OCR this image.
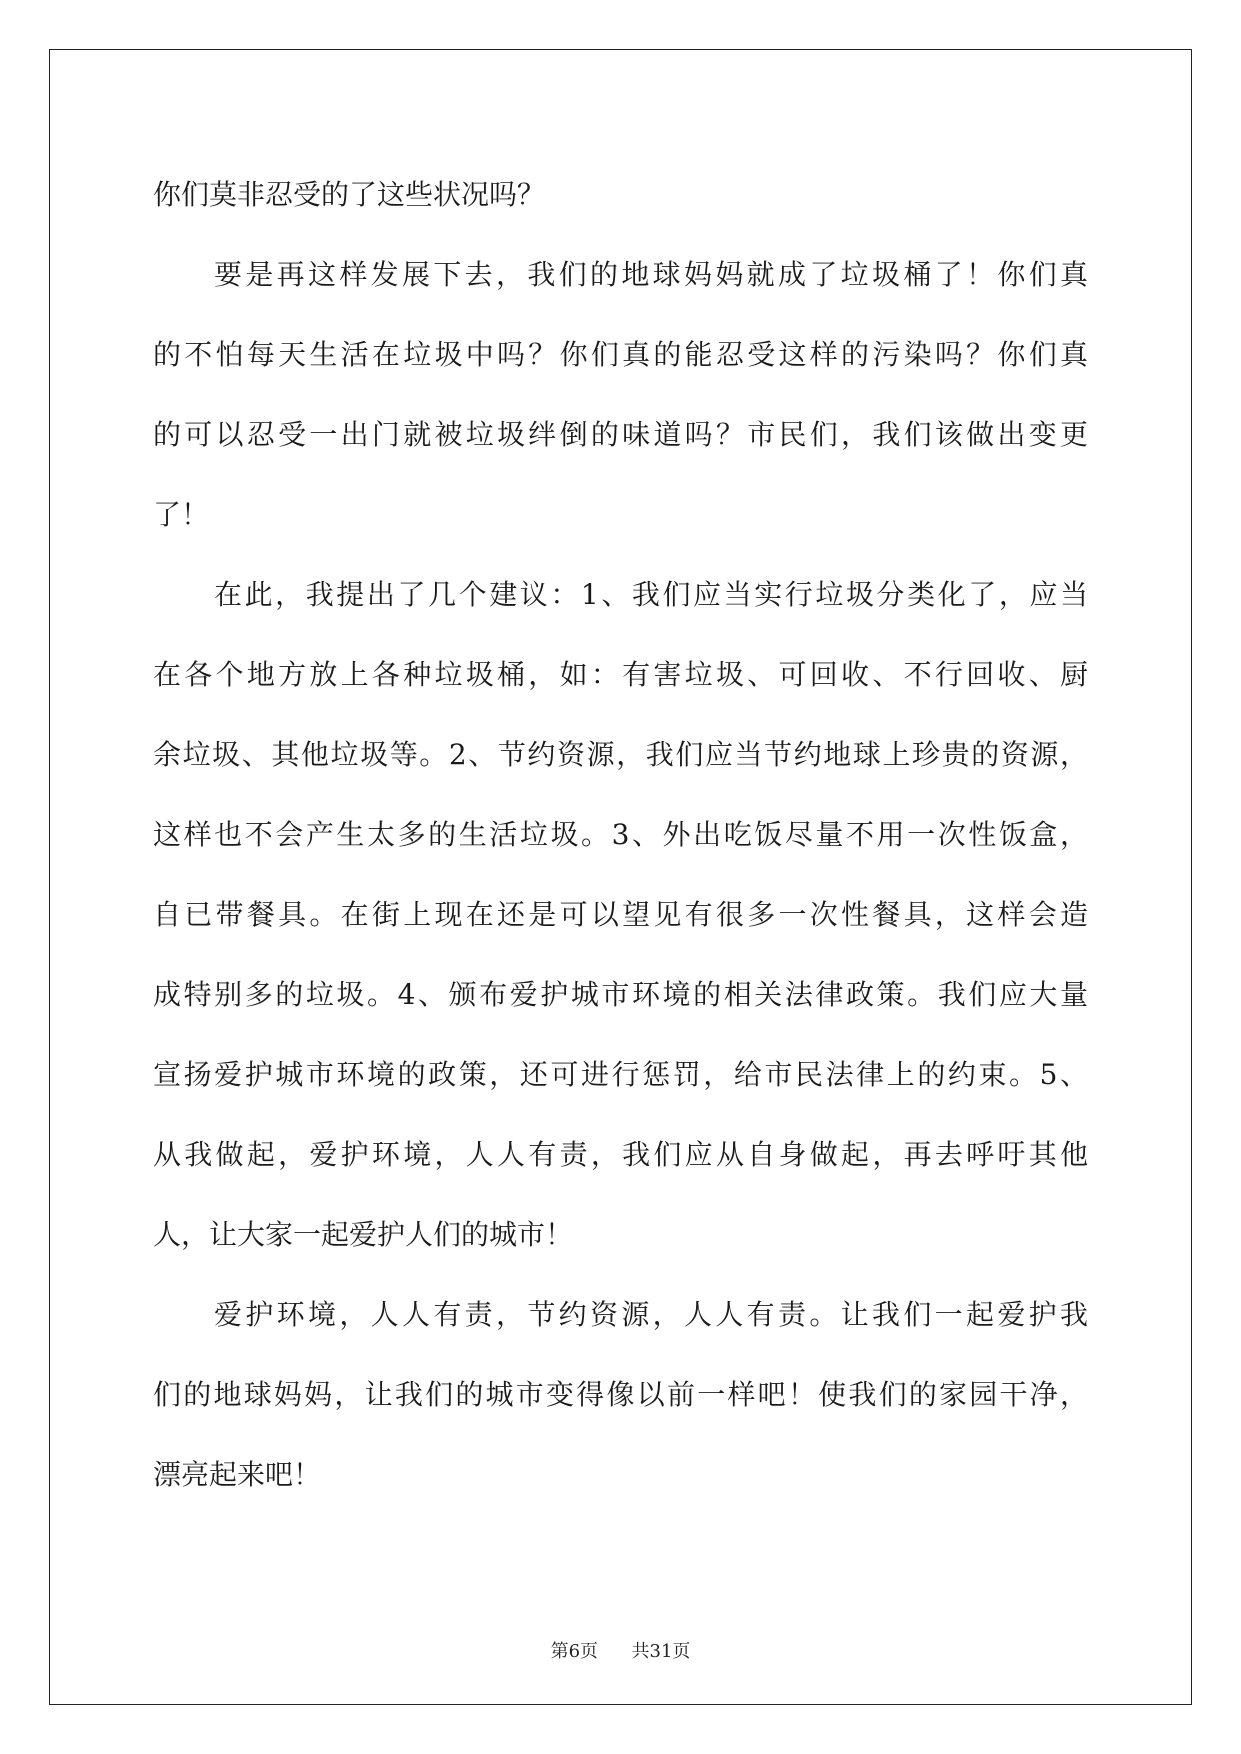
你们莫非忍受的了这些状况吗？
要是再这样发展下去，我们的地球妈妈就成了垃圾桶了！你们真
的不怕每天生活在垃圾中吗？你们真的能忍受这样的污染吗？你们真
的可以忍受一出门就被垃圾绊倒的味道吗？市民们，我们该做出变更
了！
在此，我提出了几个建议：1、我们应当实行垃圾分类化了，应当
在各个地方放上各种垃圾桶，如：有害垃圾、可回收、不行回收、厨
余垃圾、其他垃圾等。2、节约资源，我们应当节约地球上珍贵的资源，
这样也不会产生太多的生活垃圾。3、外出吃饭尽量不用一次性饭盒，
自已带餐具。在街上现在还是可以望见有很多一次性餐具，这样会造
成特别多的垃圾。4、颁布爱护城市环境的相关法律政策。我们应大量
宣扬爱护城市环境的政策，还可进行惩罚，给市民法律上的约束。5、
从我做起，爱护环境，人人有责，我们应从自身做起，再去呼吁其他
人，让大家一起爱护人们的城市！
爱护环境，人人有责，节约资源，人人有责。让我们一起爱护我
们的地球妈妈，让我们的城市变得像以前一样吧！使我们的家园干净，
漂亮起来吧！
第6页 共31页
